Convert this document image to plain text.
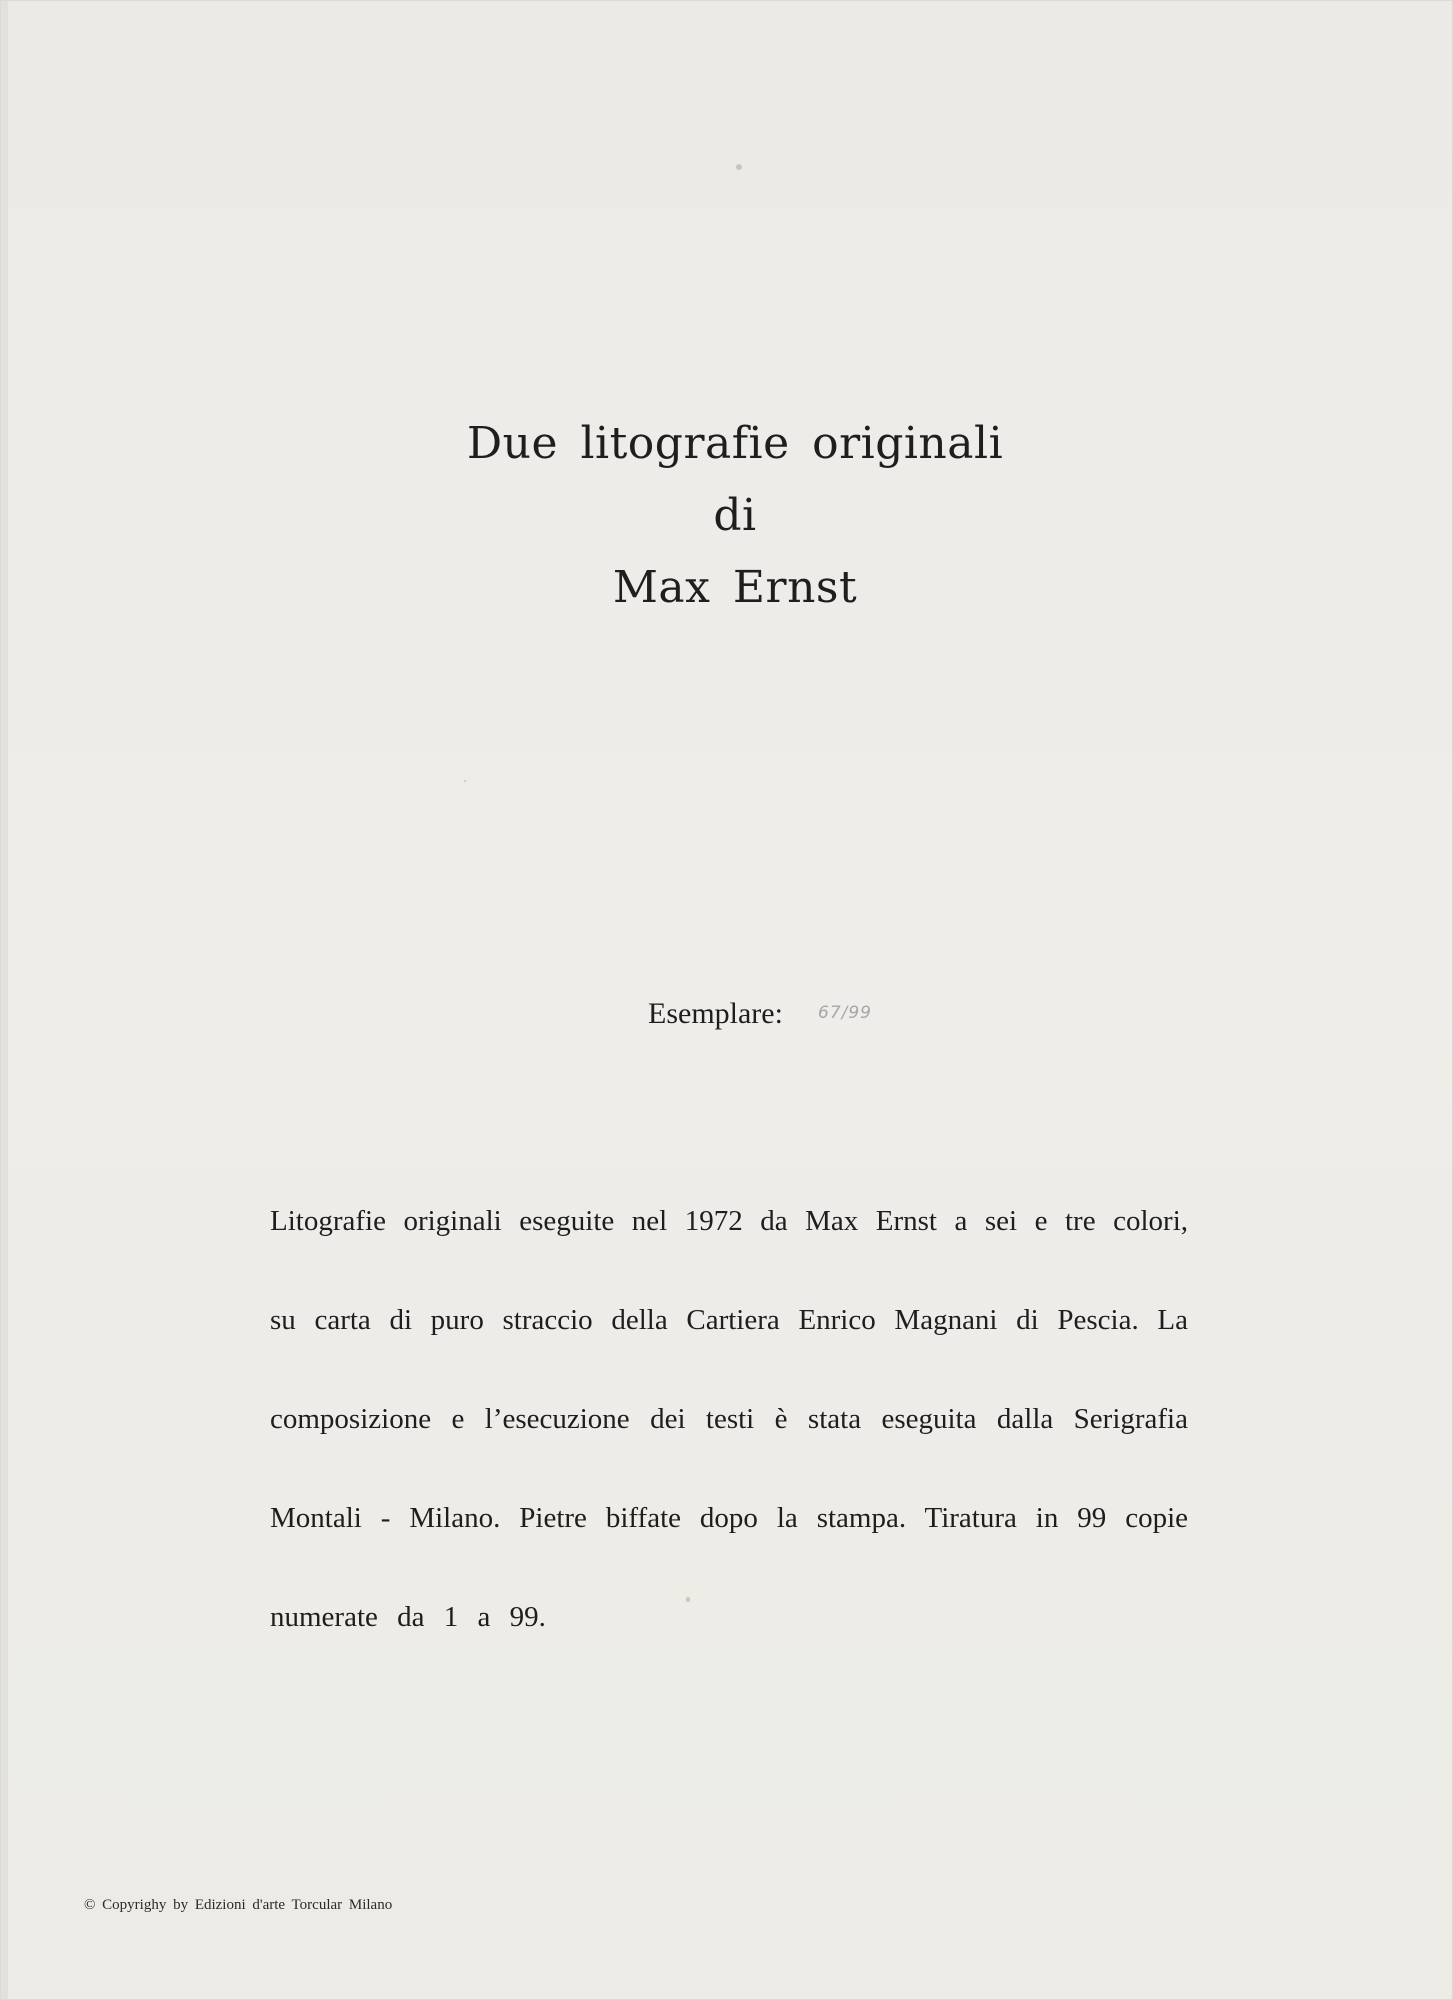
Due litografie originali
di
Max Ernst
Esemplare: 67/99
Litografie originali eseguite nel 1972 da Max Ernst a sei e tre colori,
su carta di puro straccio della Cartiera Enrico Magnani di Pescia. La
composizione e l’esecuzione dei testi è stata eseguita dalla Serigrafia
Montali - Milano. Pietre biffate dopo la stampa. Tiratura in 99 copie
numerate da 1 a 99.
© Copyrighy by Edizioni d'arte Torcular Milano
